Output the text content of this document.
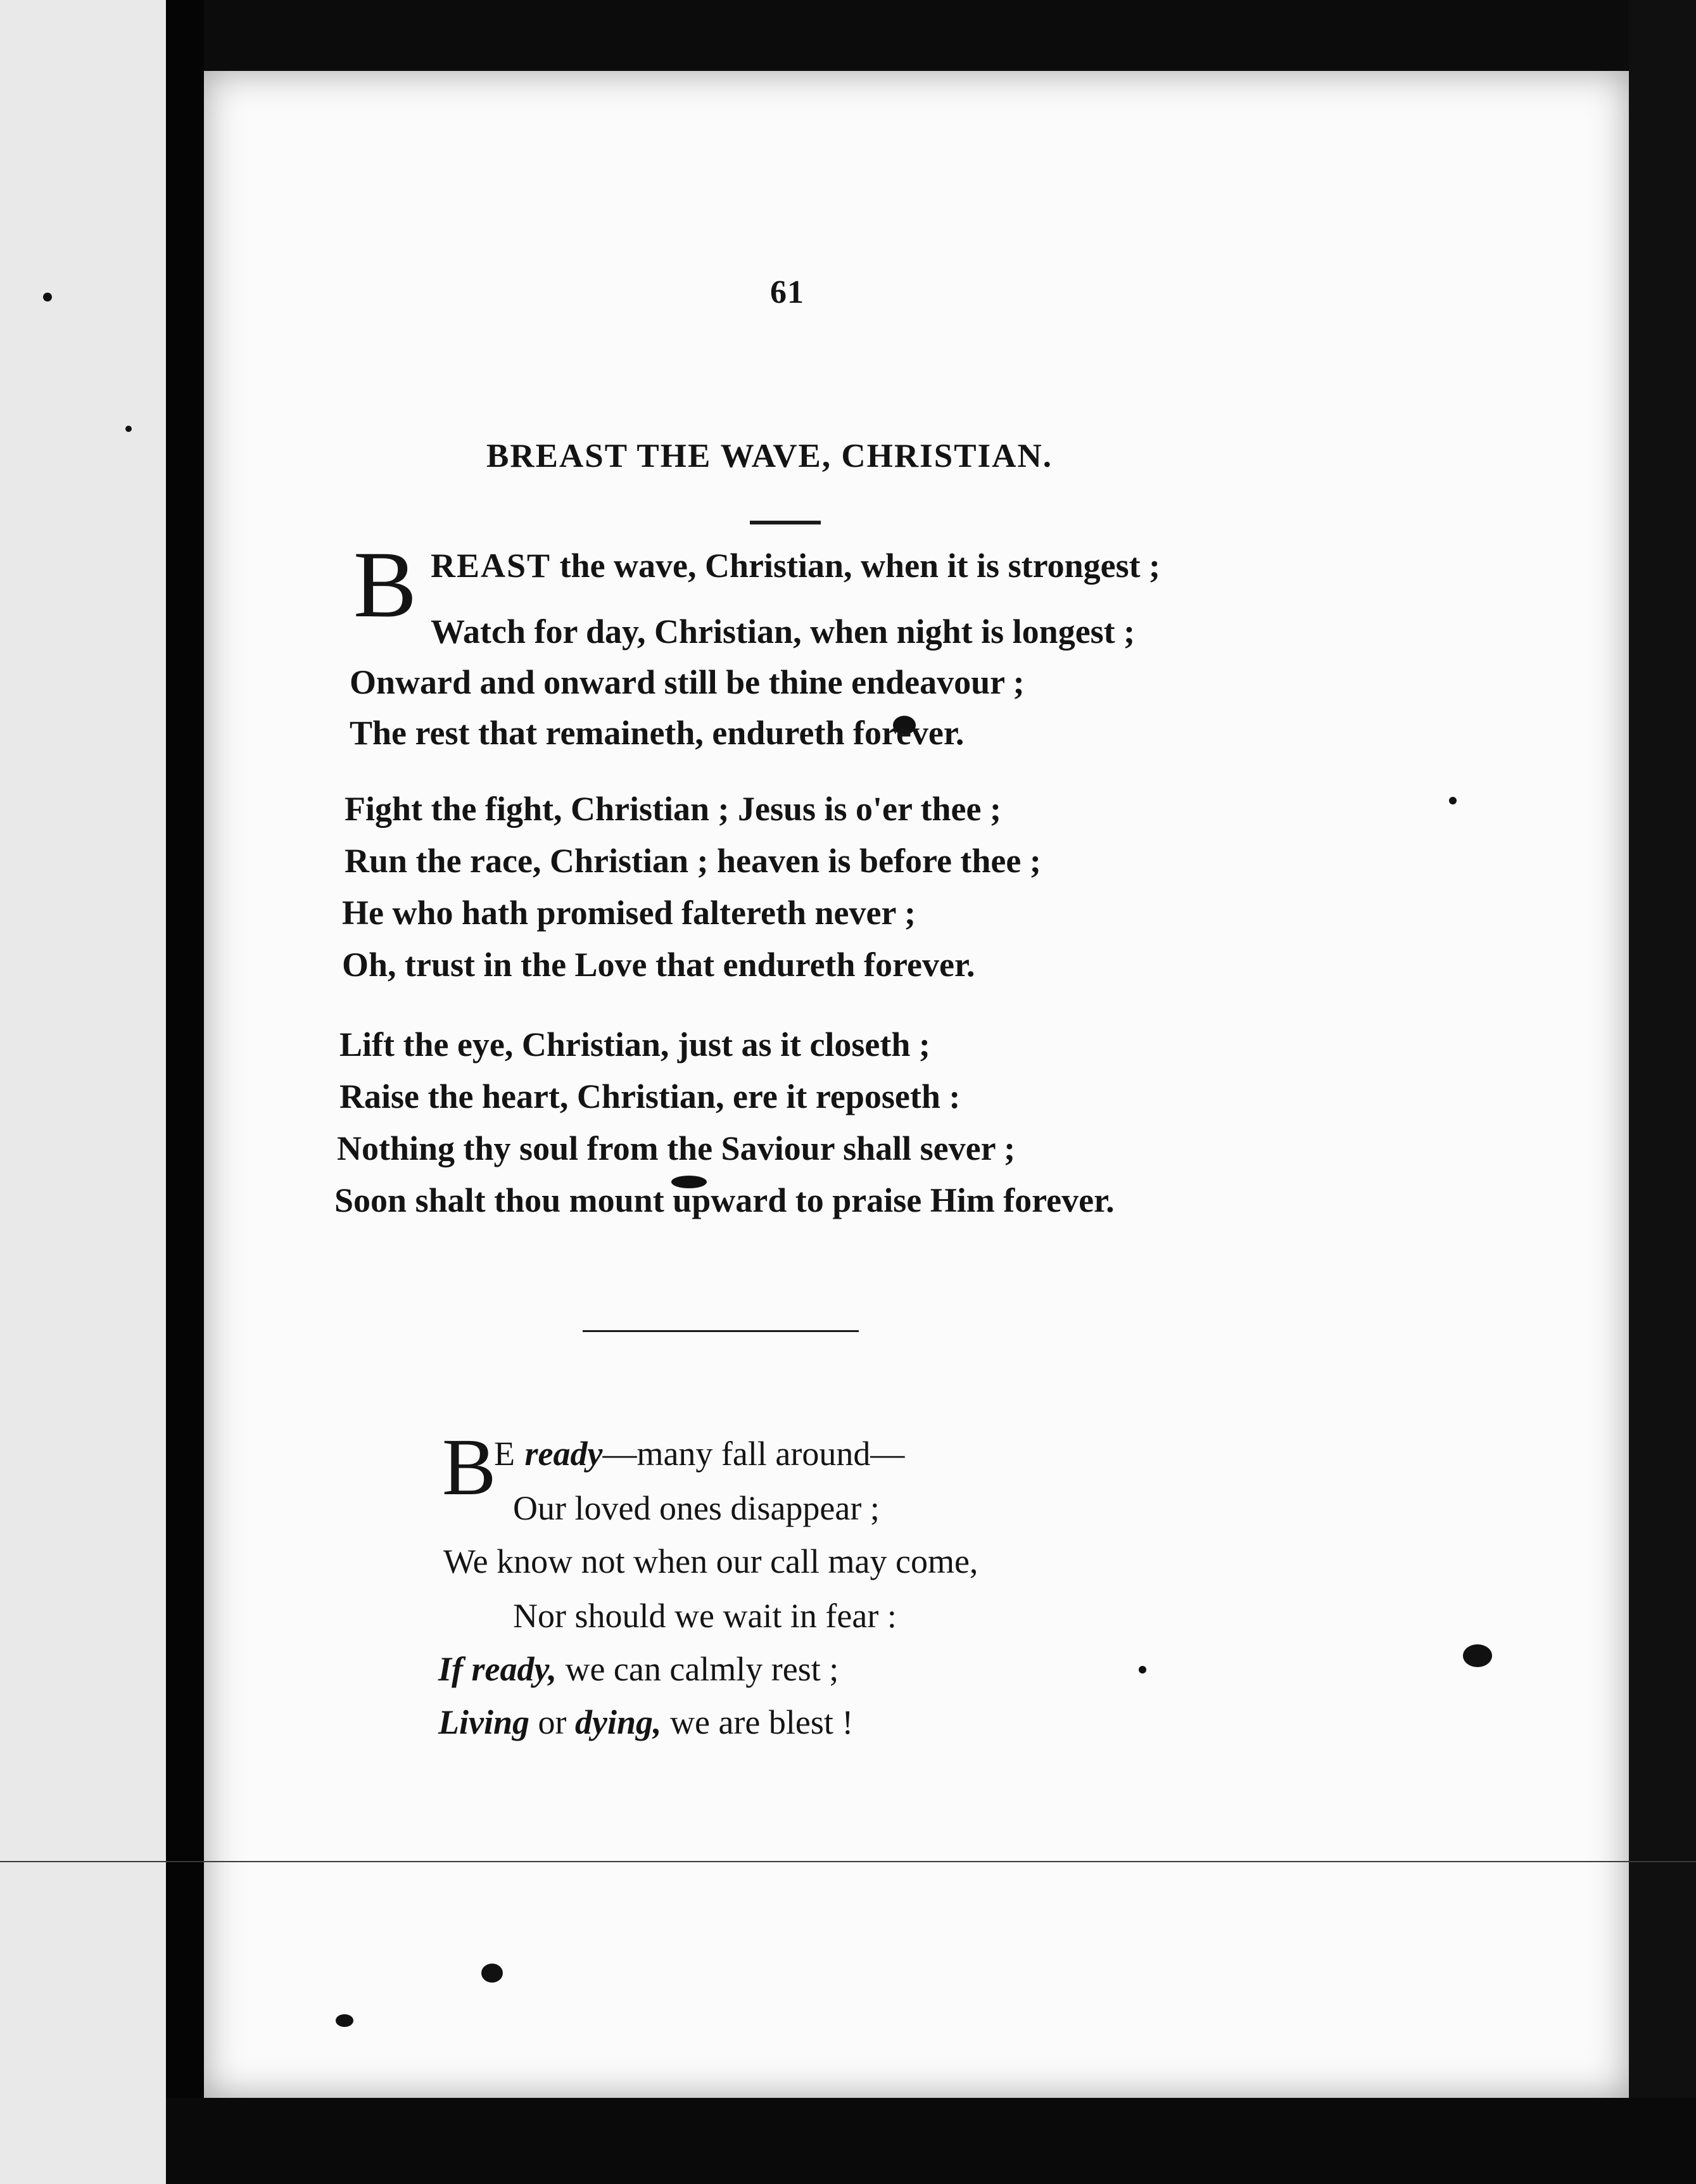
61
BREAST THE WAVE, CHRISTIAN.
B REAST the wave, Christian, when it is strongest ;
Watch for day, Christian, when night is longest ;
Onward and onward still be thine endeavour ;
The rest that remaineth, endureth forever.
Fight the fight, Christian ; Jesus is o'er thee ;
Run the race, Christian ; heaven is before thee ;
He who hath promised faltereth never ;
Oh, trust in the Love that endureth forever.
Lift the eye, Christian, just as it closeth ;
Raise the heart, Christian, ere it reposeth :
Nothing thy soul from the Saviour shall sever ;
Soon shalt thou mount upward to praise Him forever.
B
E ready—many fall around—
Our loved ones disappear ;
We know not when our call may come,
Nor should we wait in fear :
If ready, we can calmly rest ;
Living or dying, we are blest !
